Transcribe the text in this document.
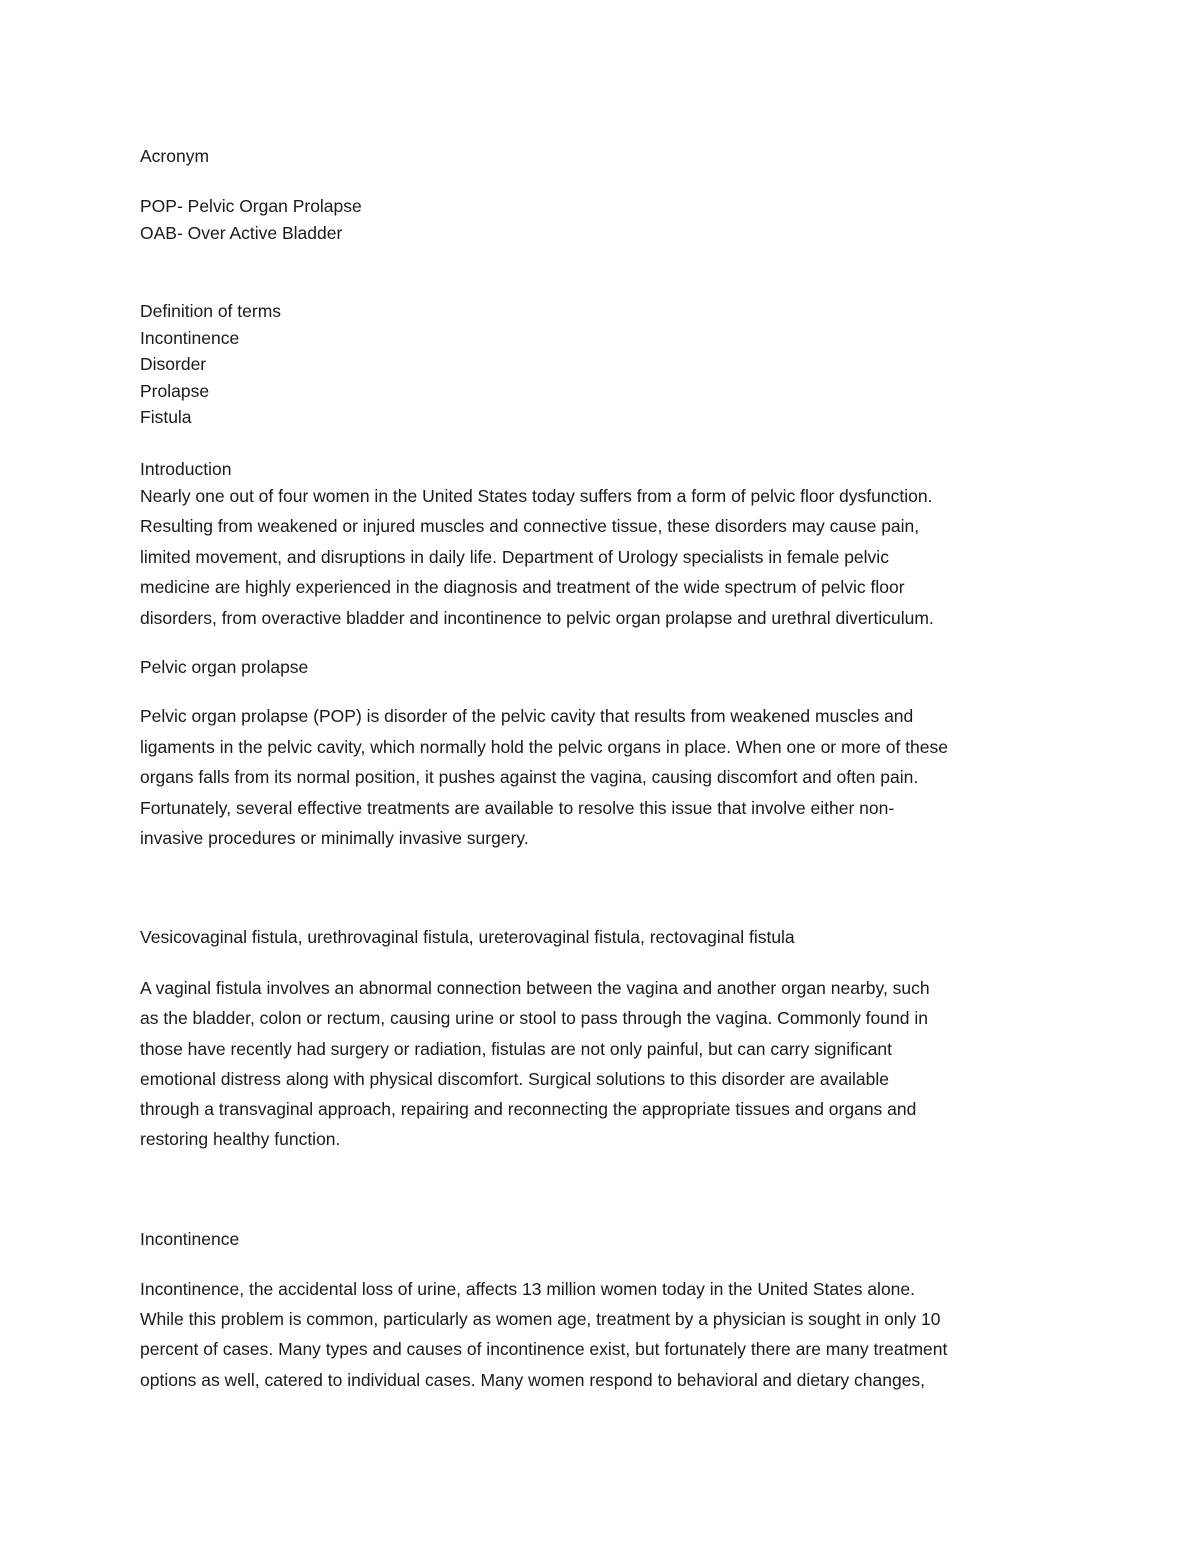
Acronym

POP- Pelvic Organ Prolapse

OAB- Over Active Bladder

Definition of terms

Incontinence

Disorder

Prolapse

Fistula

Introduction

Nearly one out of four women in the United States today suffers from a form of pelvic floor dysfunction.

Resulting from weakened or injured muscles and connective tissue, these disorders may cause pain,

limited movement, and disruptions in daily life. Department of Urology specialists in female pelvic

medicine are highly experienced in the diagnosis and treatment of the wide spectrum of pelvic floor

disorders, from overactive bladder and incontinence to pelvic organ prolapse and urethral diverticulum.

Pelvic organ prolapse

Pelvic organ prolapse (POP) is disorder of the pelvic cavity that results from weakened muscles and

ligaments in the pelvic cavity, which normally hold the pelvic organs in place. When one or more of these

organs falls from its normal position, it pushes against the vagina, causing discomfort and often pain.

Fortunately, several effective treatments are available to resolve this issue that involve either non-

invasive procedures or minimally invasive surgery.

Vesicovaginal fistula, urethrovaginal fistula, ureterovaginal fistula, rectovaginal fistula

A vaginal fistula involves an abnormal connection between the vagina and another organ nearby, such

as the bladder, colon or rectum, causing urine or stool to pass through the vagina. Commonly found in

those have recently had surgery or radiation, fistulas are not only painful, but can carry significant

emotional distress along with physical discomfort. Surgical solutions to this disorder are available

through a transvaginal approach, repairing and reconnecting the appropriate tissues and organs and

restoring healthy function.

Incontinence

Incontinence, the accidental loss of urine, affects 13 million women today in the United States alone.

While this problem is common, particularly as women age, treatment by a physician is sought in only 10

percent of cases. Many types and causes of incontinence exist, but fortunately there are many treatment

options as well, catered to individual cases. Many women respond to behavioral and dietary changes,
